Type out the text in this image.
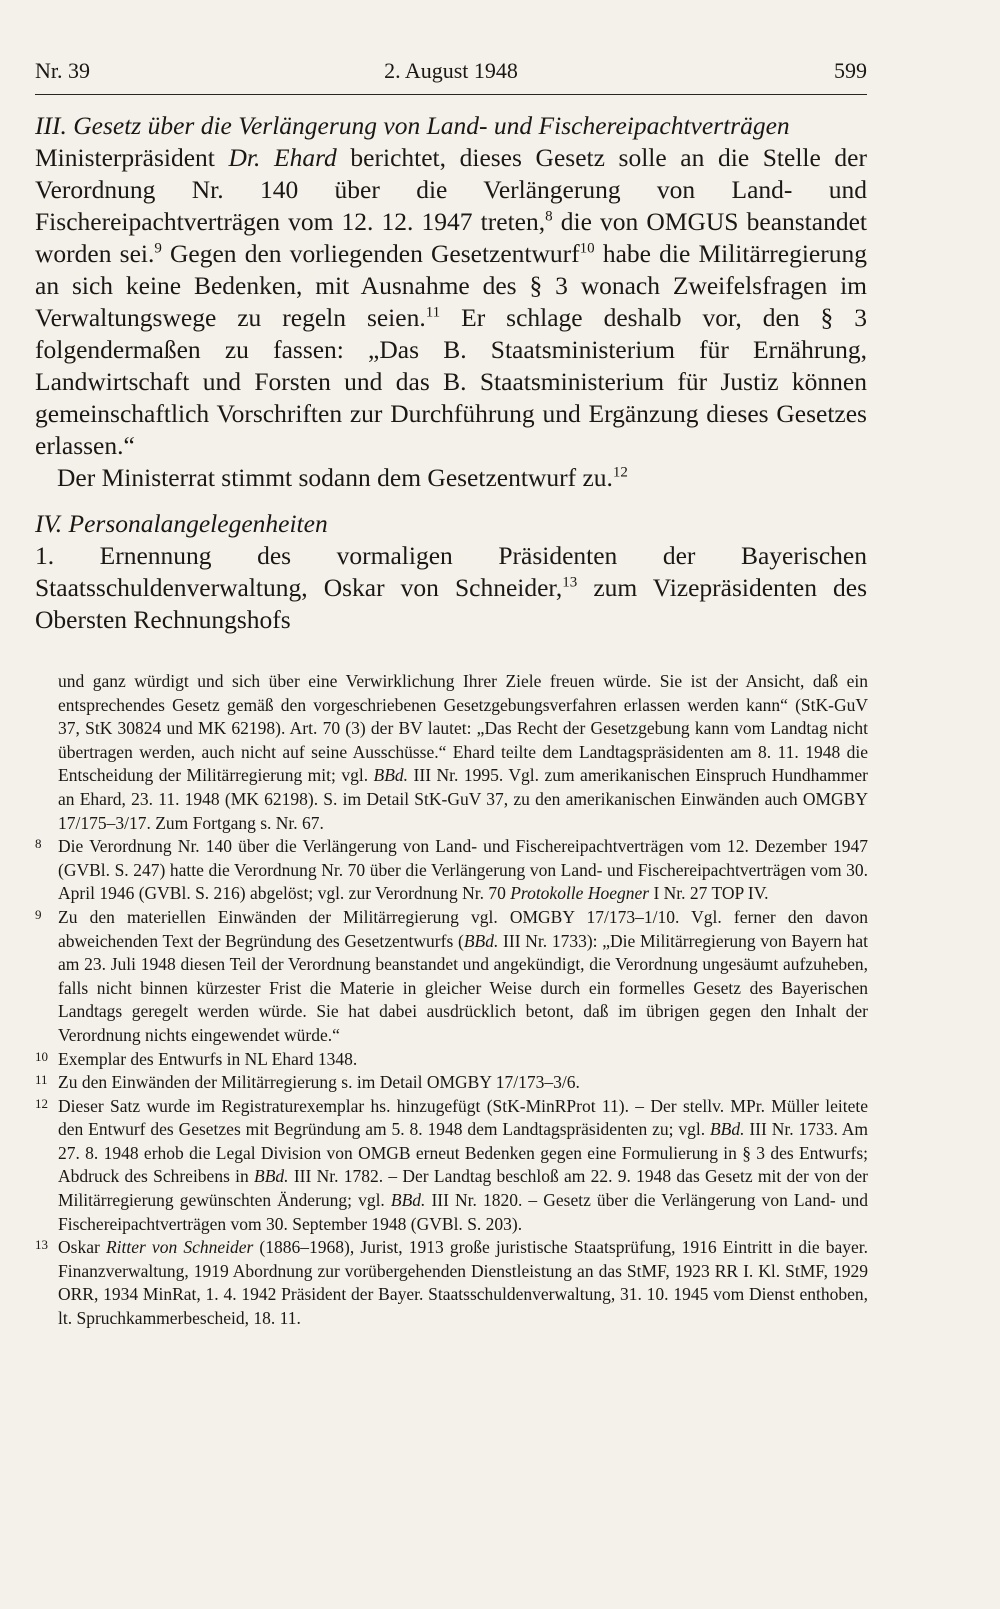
Nr. 39	2. August 1948	599

III. Gesetz über die Verlängerung von Land- und Fischereipachtverträgen

Ministerpräsident Dr. Ehard berichtet, dieses Gesetz solle an die Stelle der Verordnung Nr. 140 über die Verlängerung von Land- und Fischereipachtverträgen vom 12. 12. 1947 treten,$^8$ die von OMGUS beanstandet worden sei.$^9$ Gegen den vorliegenden Gesetzentwurf$^{10}$ habe die Militärregierung an sich keine Bedenken, mit Ausnahme des § 3 wonach Zweifelsfragen im Verwaltungswege zu regeln seien.$^{11}$ Er schlage deshalb vor, den § 3 folgendermaßen zu fassen: „Das B. Staatsministerium für Ernährung, Landwirtschaft und Forsten und das B. Staatsministerium für Justiz können gemeinschaftlich Vorschriften zur Durchführung und Ergänzung dieses Gesetzes erlassen.“

Der Ministerrat stimmt sodann dem Gesetzentwurf zu.$^{12}$

IV. Personalangelegenheiten

1. Ernennung des vormaligen Präsidenten der Bayerischen Staatsschuldenverwaltung, Oskar von Schneider,$^{13}$ zum Vizepräsidenten des Obersten Rechnungshofs

und ganz würdigt und sich über eine Verwirklichung Ihrer Ziele freuen würde. Sie ist der Ansicht, daß ein entsprechendes Gesetz gemäß den vorgeschriebenen Gesetzgebungsverfahren erlassen werden kann“ (StK-GuV 37, StK 30824 und MK 62198). Art. 70 (3) der BV lautet: „Das Recht der Gesetzgebung kann vom Landtag nicht übertragen werden, auch nicht auf seine Ausschüsse.“ Ehard teilte dem Landtagspräsidenten am 8. 11. 1948 die Entscheidung der Militärregierung mit; vgl. BBd. III Nr. 1995. Vgl. zum amerikanischen Einspruch Hundhammer an Ehard, 23. 11. 1948 (MK 62198). S. im Detail StK-GuV 37, zu den amerikanischen Einwänden auch OMGBY 17/175–3/17. Zum Fortgang s. Nr. 67.

8 Die Verordnung Nr. 140 über die Verlängerung von Land- und Fischereipachtverträgen vom 12. Dezember 1947 (GVBl. S. 247) hatte die Verordnung Nr. 70 über die Verlängerung von Land- und Fischereipachtverträgen vom 30. April 1946 (GVBl. S. 216) abgelöst; vgl. zur Verordnung Nr. 70 Protokolle Hoegner I Nr. 27 TOP IV.

9 Zu den materiellen Einwänden der Militärregierung vgl. OMGBY 17/173–1/10. Vgl. ferner den davon abweichenden Text der Begründung des Gesetzentwurfs (BBd. III Nr. 1733): „Die Militärregierung von Bayern hat am 23. Juli 1948 diesen Teil der Verordnung beanstandet und angekündigt, die Verordnung ungesäumt aufzuheben, falls nicht binnen kürzester Frist die Materie in gleicher Weise durch ein formelles Gesetz des Bayerischen Landtags geregelt werden würde. Sie hat dabei ausdrücklich betont, daß im übrigen gegen den Inhalt der Verordnung nichts eingewendet würde.“

10 Exemplar des Entwurfs in NL Ehard 1348.

11 Zu den Einwänden der Militärregierung s. im Detail OMGBY 17/173–3/6.

12 Dieser Satz wurde im Registraturexemplar hs. hinzugefügt (StK-MinRProt 11). – Der stellv. MPr. Müller leitete den Entwurf des Gesetzes mit Begründung am 5. 8. 1948 dem Landtagspräsidenten zu; vgl. BBd. III Nr. 1733. Am 27. 8. 1948 erhob die Legal Division von OMGB erneut Bedenken gegen eine Formulierung in § 3 des Entwurfs; Abdruck des Schreibens in BBd. III Nr. 1782. – Der Landtag beschloß am 22. 9. 1948 das Gesetz mit der von der Militärregierung gewünschten Änderung; vgl. BBd. III Nr. 1820. – Gesetz über die Verlängerung von Land- und Fischereipachtverträgen vom 30. September 1948 (GVBl. S. 203).

13 Oskar Ritter von Schneider (1886–1968), Jurist, 1913 große juristische Staatsprüfung, 1916 Eintritt in die bayer. Finanzverwaltung, 1919 Abordnung zur vorübergehenden Dienstleistung an das StMF, 1923 RR I. Kl. StMF, 1929 ORR, 1934 MinRat, 1. 4. 1942 Präsident der Bayer. Staatsschuldenverwaltung, 31. 10. 1945 vom Dienst enthoben, lt. Spruchkammerbescheid, 18. 11.
